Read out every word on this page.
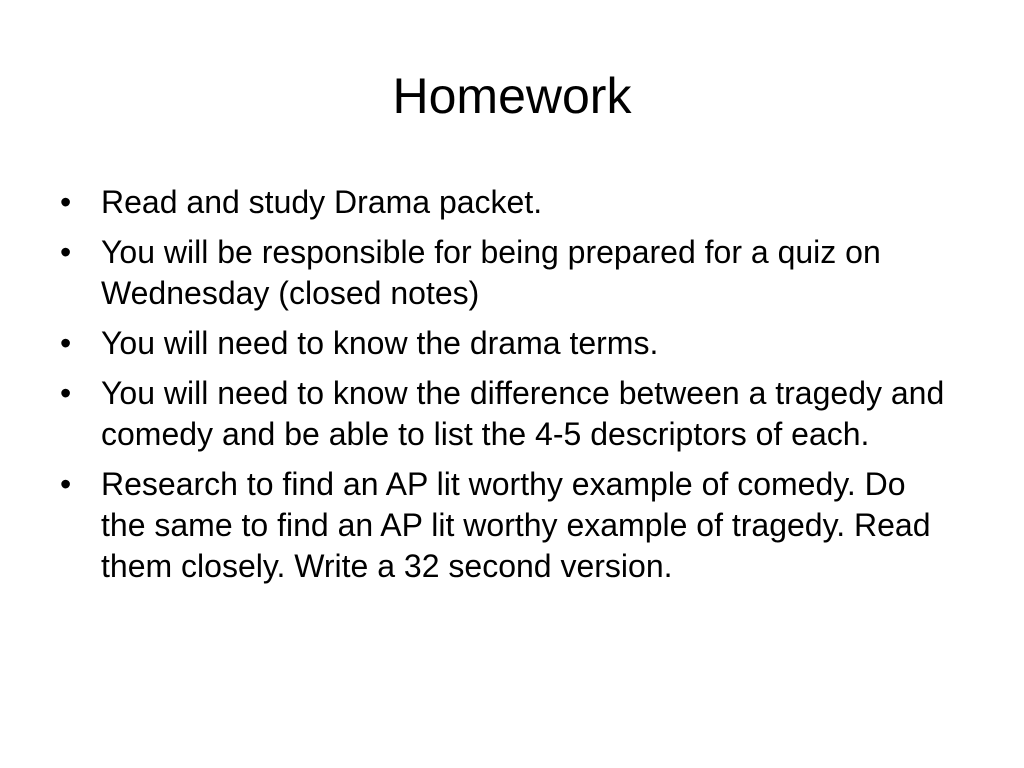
Homework
• Read and study Drama packet.
• You will be responsible for being prepared for a quiz on Wednesday (closed notes)
• You will need to know the drama terms.
• You will need to know the difference between a tragedy and comedy and be able to list the 4-5 descriptors of each.
• Research to find an AP lit worthy example of comedy. Do the same to find an AP lit worthy example of tragedy. Read them closely. Write a 32 second version.
